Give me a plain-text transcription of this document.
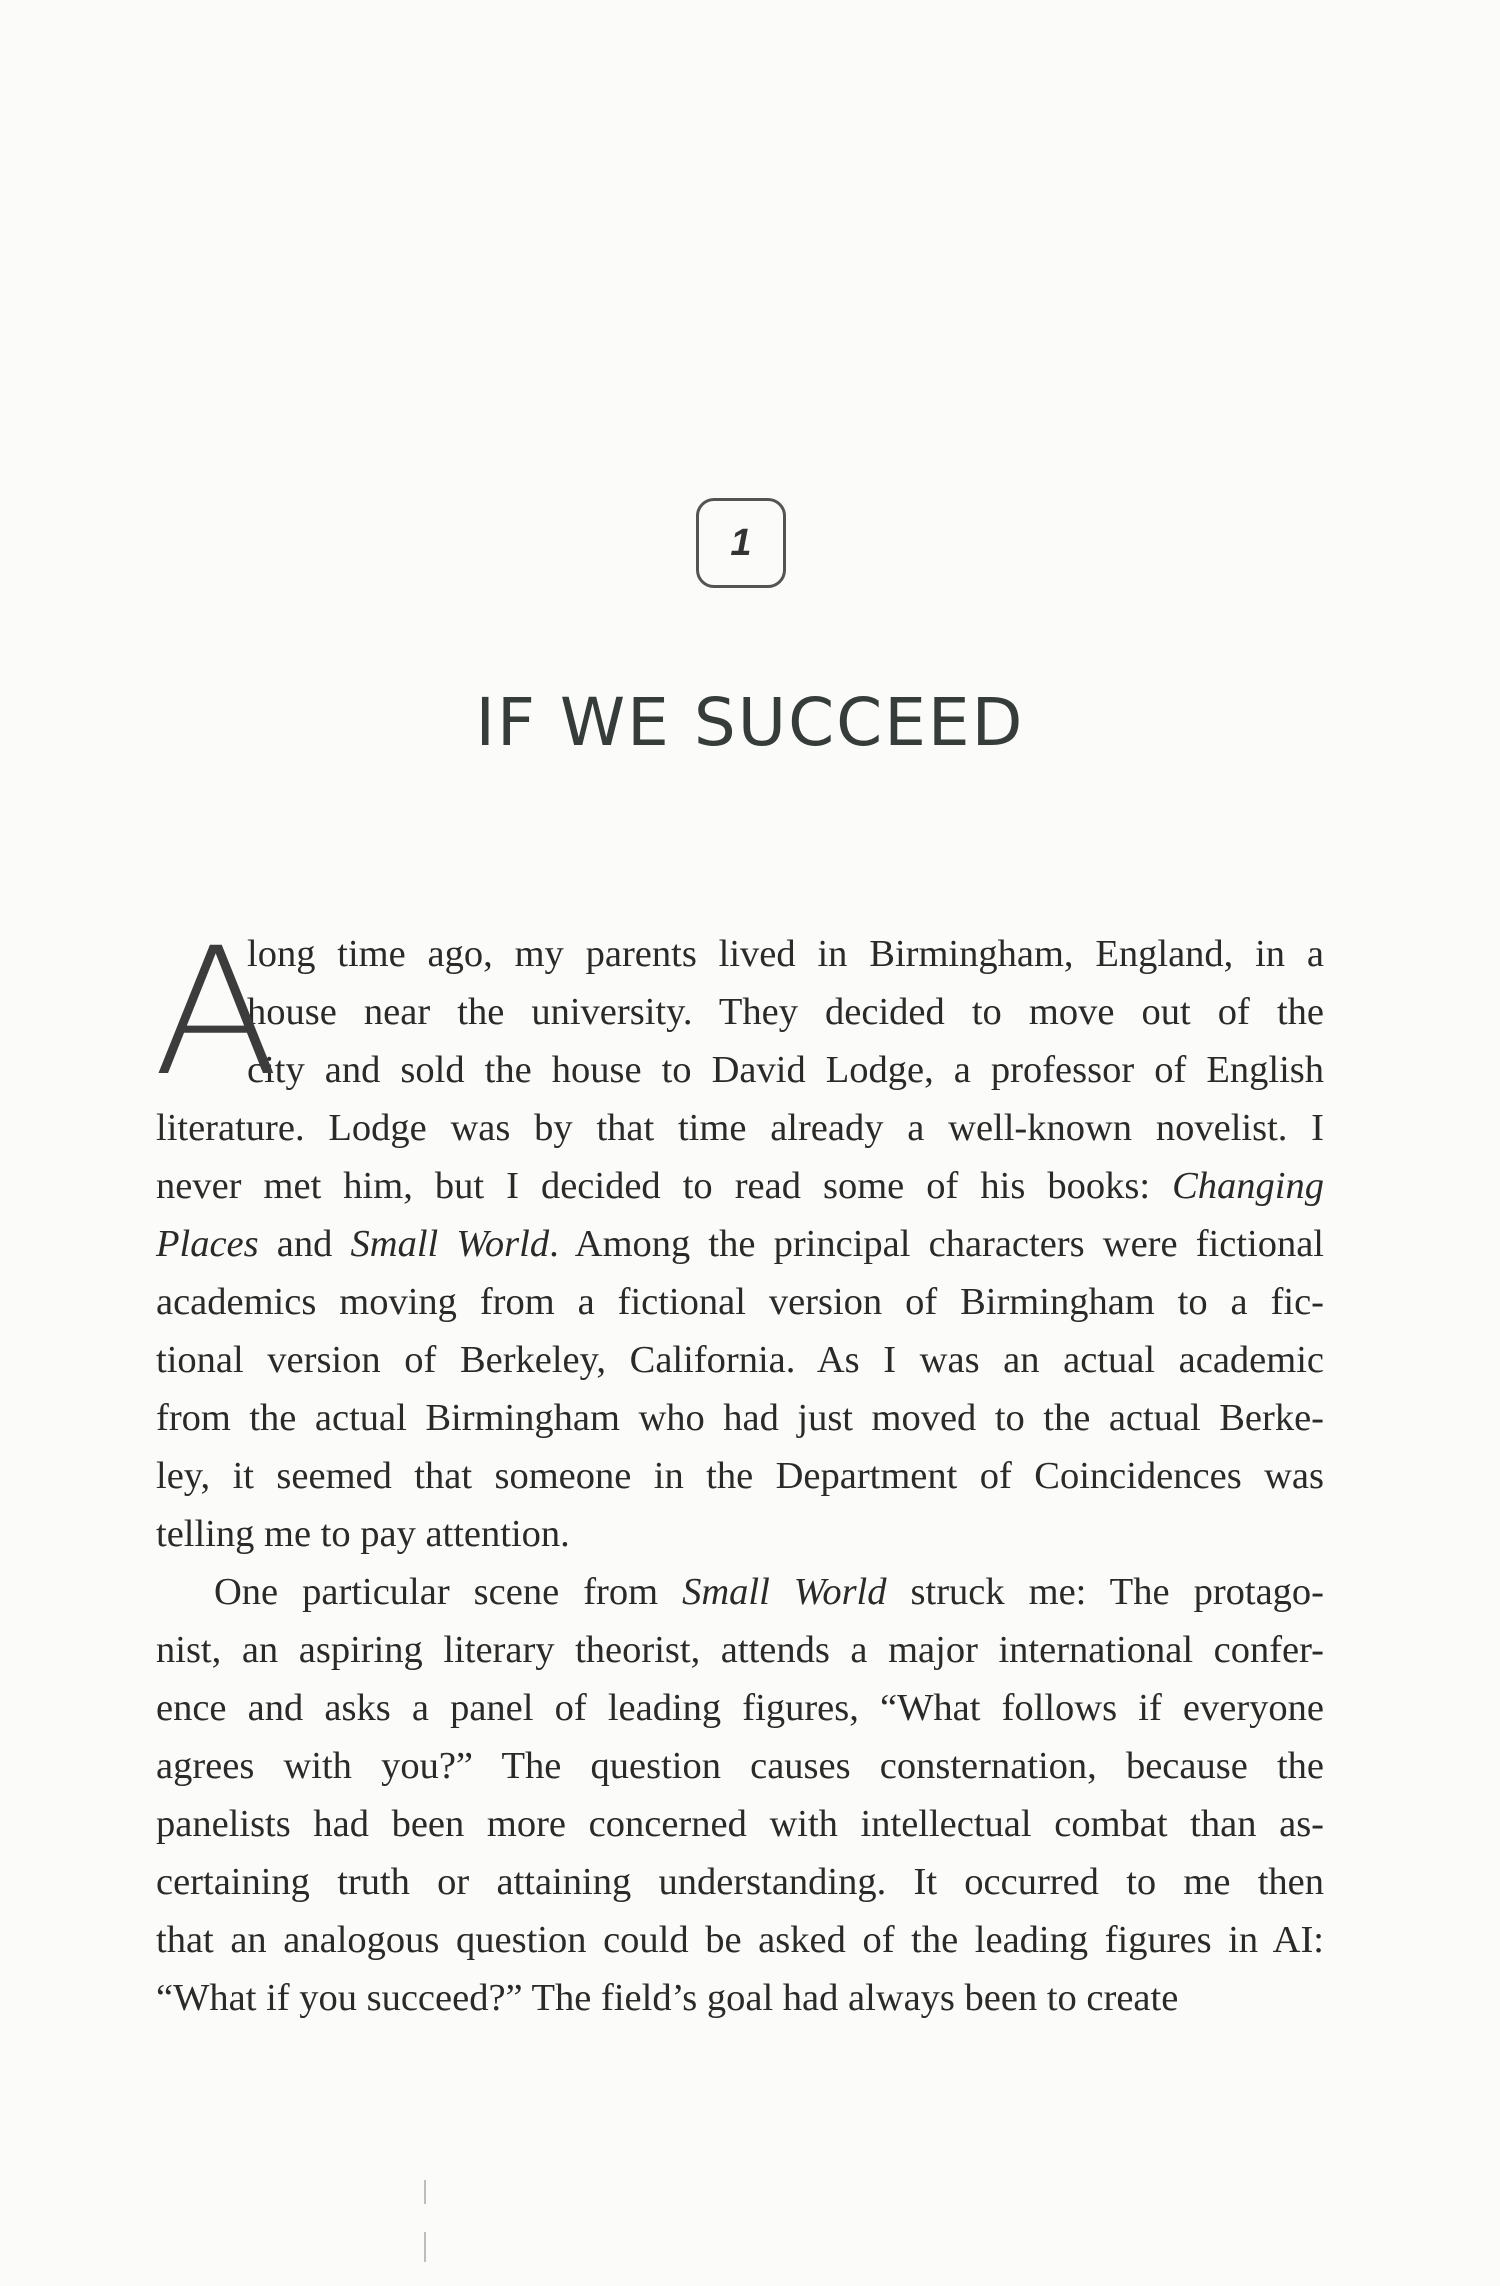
1
IF WE SUCCEED
A
long time ago, my parents lived in Birmingham, England, in a
house near the university. They decided to move out of the
city and sold the house to David Lodge, a professor of English
literature. Lodge was by that time already a well-known novelist. I
never met him, but I decided to read some of his books: Changing
Places and Small World. Among the principal characters were fictional
academics moving from a fictional version of Birmingham to a fic-
tional version of Berkeley, California. As I was an actual academic
from the actual Birmingham who had just moved to the actual Berke-
ley, it seemed that someone in the Department of Coincidences was
telling me to pay attention.
One particular scene from Small World struck me: The protago-
nist, an aspiring literary theorist, attends a major international confer-
ence and asks a panel of leading figures, “What follows if everyone
agrees with you?” The question causes consternation, because the
panelists had been more concerned with intellectual combat than as-
certaining truth or attaining understanding. It occurred to me then
that an analogous question could be asked of the leading figures in AI:
“What if you succeed?” The field’s goal had always been to create
